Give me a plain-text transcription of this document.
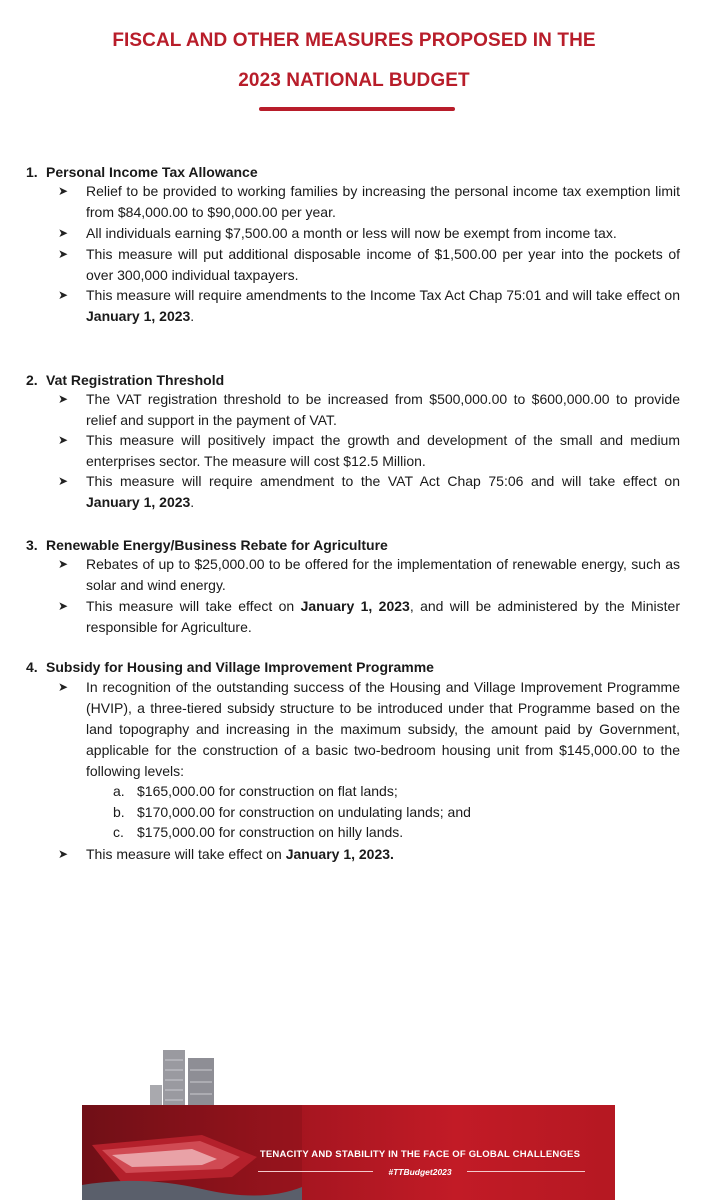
FISCAL AND OTHER MEASURES PROPOSED IN THE
2023 NATIONAL BUDGET
1. Personal Income Tax Allowance
➤	Relief to be provided to working families by increasing the personal income tax exemption limit from $84,000.00 to $90,000.00 per year.
➤	All individuals earning $7,500.00 a month or less will now be exempt from income tax.
➤	This measure will put additional disposable income of $1,500.00 per year into the pockets of over 300,000 individual taxpayers.
➤	This measure will require amendments to the Income Tax Act Chap 75:01 and will take effect on January 1, 2023.
2. Vat Registration Threshold
➤	The VAT registration threshold to be increased from $500,000.00 to $600,000.00 to provide relief and support in the payment of VAT.
➤	This measure will positively impact the growth and development of the small and medium enterprises sector. The measure will cost $12.5 Million.
➤	This measure will require amendment to the VAT Act Chap 75:06 and will take effect on January 1, 2023.
3. Renewable Energy/Business Rebate for Agriculture
➤	Rebates of up to $25,000.00 to be offered for the implementation of renewable energy, such as solar and wind energy.
➤	This measure will take effect on January 1, 2023, and will be administered by the Minister responsible for Agriculture.
4. Subsidy for Housing and Village Improvement Programme
➤	In recognition of the outstanding success of the Housing and Village Improvement Programme (HVIP), a three-tiered subsidy structure to be introduced under that Programme based on the land topography and increasing in the maximum subsidy, the amount paid by Government, applicable for the construction of a basic two-bedroom housing unit from $145,000.00 to the following levels:
a. $165,000.00 for construction on flat lands;
b. $170,000.00 for construction on undulating lands; and
c. $175,000.00 for construction on hilly lands.
➤	This measure will take effect on January 1, 2023.
TENACITY AND STABILITY IN THE FACE OF GLOBAL CHALLENGES
#TTBudget2023
